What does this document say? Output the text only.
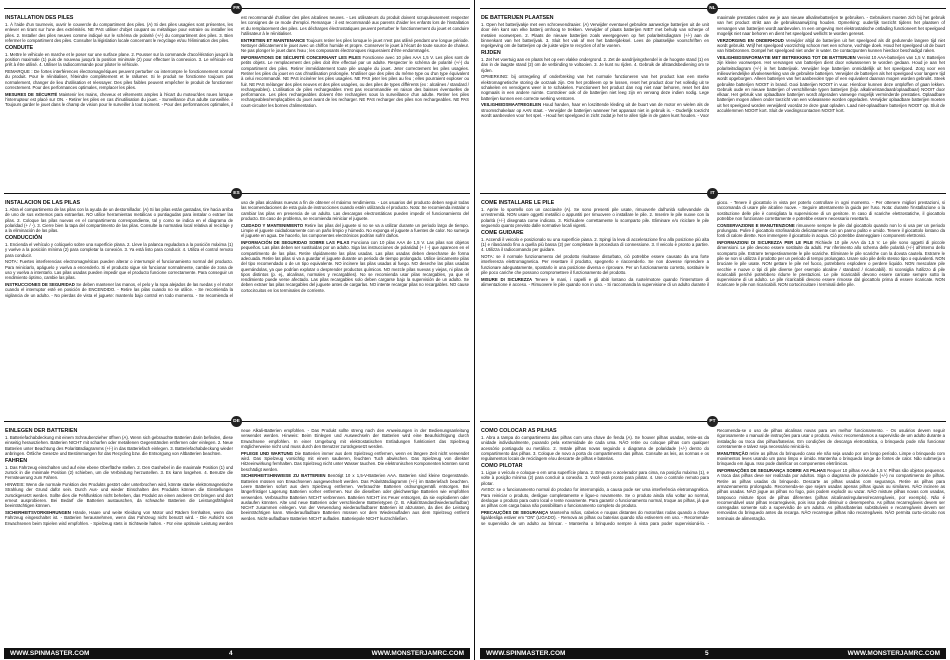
FR	NL
ES	IT
DE	PT
INSTALLATION DES PILES

1. À l'aide d'un tournevis, ouvrir le couvercle du compartiment des piles. (A) Si des piles usagées sont présentes, les enlever en tirant sur l'une des extrémités. NE PAS utiliser d'objet coupant ou métallique pour extraire ou installer les piles. 2. Installer des piles neuves comme indiqué sur le schéma de polarité (+/-) du compartiment des piles. 3. Bien refermer le compartiment des piles. Consulter la législation locale concernant le recyclage et/ou l'élimination des piles.

CONDUITE

1. Mettre le véhicule en marche et le poser sur une surface plane. 2. Pousser sur la commande d'accélération jusqu'à la position maximale (1) puis de nouveau jusqu'à la position minimale (2) pour effectuer la connexion. 3. Le véhicule est prêt à être utilisé. 4. Utiliser la radiocommande pour piloter le véhicule.

REMARQUE : De fortes interférences électromagnétiques peuvent perturber ou interrompre le fonctionnement normal du produit. Pour le réinitialiser, l'éteindre complètement et le rallumer. Si le produit ne fonctionne toujours pas normalement, changer de lieu d'utilisation et réessayer. Des piles faibles peuvent empêcher le produit de fonctionner correctement. Pour des performances optimales, remplacer les piles.

MESURES DE SÉCURITÉ Maintenir les mains, cheveux et vêtements amples à l'écart du moteur/des roues lorsque l'interrupteur est placé sur ON. - Retirer les piles en cas d'inutilisation du jouet. - Surveillance d'un adulte conseillée. - Toujours garder le jouet dans le champ de vision pour le surveiller à tout moment. - Pour des performances optimales, il est recommandé d'utiliser des piles alcalines neuves. - Les utilisateurs du produit doivent scrupuleusement respecter les consignes de ce mode d'emploi. Remarque : il est recommandé aux parents d'aider les enfants lors de l'installation et du remplacement des piles. Les décharges électrostatiques peuvent perturber le fonctionnement du jouet et conduire l'utilisateur à le réinitialiser.

ENTRETIEN ET MAINTENANCE Toujours retirer les piles lorsque le jouet n'est pas utilisé pendant une longue période. Nettoyer délicatement le jouet avec un chiffon humide et propre. Conserver le jouet à l'écart de toute source de chaleur. Ne pas plonger le jouet dans l'eau ; les composants électroniques risqueraient d'être endommagés.

INFORMATIONS DE SÉCURITÉ CONCERNANT LES PILES Fonctionne avec 10 piles AAA 1,5 V. Les piles sont de petits objets. Le remplacement des piles doit être effectué par un adulte. Respecter le schéma de polarité (+/-) du compartiment des piles. Retirer immédiatement toute pile usagée du jouet. Jeter correctement les piles usagées. Retirer les piles du jouet en cas d'inutilisation prolongée. N'utiliser que des piles du même type ou d'un type équivalent à celui recommandé. NE PAS incinérer les piles usagées. NE PAS jeter les piles au feu ; elles pourraient exploser ou fuir. NE PAS mélanger des piles neuves et des piles usagées, ou des piles de types différents (ex : alcalines / standard / rechargeables). L'utilisation de piles rechargeables n'est pas recommandée en raison des baisses éventuelles de performance. Les piles rechargeables doivent être rechargées sous la surveillance d'un adulte. Retirer les piles rechargeables/remplaçables du jouet avant de les recharger. NE PAS recharger des piles non rechargeables. NE PAS court-circuiter les bornes d'alimentation.

DE BATTERIJEN PLAATSEN

1. Open het batterijvakje met een schroevendraaier. (A) Verwijder eventueel gebruikte aanwezige batterijen uit de unit door één kant van elke batterij omhoog te trekken. Verwijder of plaats batterijen NIET met behulp van scherpe of metalen voorwerpen. 2. Plaats de nieuwe batterijen zoals weergegeven op het polariteitsdiagram (+/-) aan de binnenkant van het batterijvak. 3. Sluit het vak af met het batterijdeksel. Lees de plaatselijke voorschriften en regelgeving om de batterijen op de juiste wijze te recyclen of af te voeren.

RIJDEN

1. Zet het voertuig aan en plaats het op een vlakke ondergrond. 2. Zet de aandrijvingshendel in de hoogste stand (1) en dan in de laagste stand (2) om de verbinding te voltooien. 3. Je kunt nu rijden. 4. Gebruik de afstandsbediening om te rijden.

OPMERKING: bij ontregeling of onderbreking van het normale functioneren van het product kan een sterke elektromagnetische storing de oorzaak zijn. Om het probleem op te lossen, reset het product door het volledig uit te schakelen en vervolgens weer in te schakelen. Functioneert het product dan nog niet naar behoren, reset het dan nogmaals in een andere ruimte. Controleer ook of de batterijen niet leeg zijn en vervang deze indien nodig. Lege batterijen kunnen een correcte werking verstoren.

VEILIGHEIDSMAATREGELEN Houd handen, haar en loszittende kleding uit de buurt van de motor en wielen als de stroomschakelaar op AAN staat. - Verwijder de batterijen wanneer het apparaat niet in gebruik is. - Ouderlijk toezicht wordt aanbevolen voor het spel. - Houd het speelgoed in zicht zodat je het te allen tijde in de gaten kunt houden. - Voor maximale prestaties raden we je aan nieuwe alkalinebatterijen te gebruiken. - Gebruikers moeten zich bij het gebruik van het product strikt aan de gebruiksaanwijzing houden. Opmerking: ouderlijk toezicht tijdens het plaatsen of vervangen van batterijen wordt aanbevolen. In een omgeving met elektrostatische ontlading functioneert het speelgoed mogelijk niet naar behoren en dient het speelgoed wellicht te worden gereset.

VERZORGING EN ONDERHOUD Verwijder altijd de batterijen uit het speelgoed als dit gedurende langere tijd niet wordt gebruikt. Wrijf het speelgoed voorzichtig schoon met een schone, vochtige doek. Houd het speelgoed uit de buurt van hittebronnen. Dompel het speelgoed niet onder in water. De contactpunten kunnen hierdoor beschadigd raken.

VEILIGHEIDSINFORMATIE MET BETREKKING TOT DE BATTERIJEN Vereist 10 AAA-batterijen van 1,5 V. Batterijen zijn kleine voorwerpen. Het vervangen van batterijen dient door volwassenen te worden gedaan. Houd je aan het polariteitsdiagram (+/-) in het batterijvak. Verwijder lege batterijen onmiddellijk uit het speelgoed. Zorg voor een milieuvriendelijke afvalverwerking van de gebruikte batterijen. Verwijder de batterijen als het speelgoed voor langere tijd wordt opgeborgen. Alleen batterijen van het aanbevolen type of een equivalent daarvan mogen worden gebruikt. Steek gebruikte batterijen NOOIT in brand. Gooi batterijen NOOIT in vuur. Hierdoor kunnen deze ontploffen of gaan lekken. Gebruik oude en nieuwe batterijen of verschillende typen batterijen (bijv. alkaline/standaard/oplaadbaar) NOOIT door elkaar. Het gebruik van oplaadbare batterijen wordt afgeraden vanwege mogelijk verminderde prestaties. Oplaadbare batterijen mogen alleen onder toezicht van een volwassene worden opgeladen. Verwijder oplaadbare batterijen moeten uit het speelgoed worden verwijderd voordat ze deze gaat opladen. Laad niet-oplaadbare batterijen NOOIT op. Sluit de accuklemmen NOOIT kort. Sluit de voedingscontacten NOOIT kort.

INSTALACIÓN DE LAS PILAS

1. Abra el compartimento de las pilas con la ayuda de un destornillador. (A) Si las pilas están gastadas, tire hacia arriba de uno de sus extremos para extraerlas. NO utilice herramientas metálicas o puntiagudas para instalar o extraer las pilas. 2. Coloque las pilas nuevas en el compartimento correspondiente, tal y como se indica en el diagrama de polaridad (+ / -). 3. Cierre bien la tapa del compartimento de las pilas. Consulte la normativa local relativa al reciclaje y a la eliminación de las pilas.

CONDUCCIÓN

1. Encienda el vehículo y colóquelo sobre una superficie plana. 2. Lleve la palanca reguladora a la posición máxima (1) y vuelve a la posición mínima (2) para completar la conexión. 3. Ya está listo para conducir. 4. Utiliza el control remoto para conducir.

NOTA: Fuertes interferencias electromagnéticas pueden alterar o interrumpir el funcionamiento normal del producto. Para reiniciarlo, apáguelo y vuelva a encenderlo. Si el producto sigue sin funcionar normalmente, cambie de zona de uso y vuelva a intentarlo. Las pilas usadas pueden impedir que el producto funcione correctamente. Para conseguir un rendimiento óptimo, cambie las pilas.

INSTRUCCIONES DE SEGURIDAD Se deben mantener las manos, el pelo y la ropa alejados de las ruedas y el motor cuando el interruptor esté en posición de ENCENDIDO. - Retire las pilas cuando no se utilice. - Se recomienda la vigilancia de un adulto. - No pierdas de vista el juguete: mantenlo bajo control en todo momento. - Se recomienda el uso de pilas alcalinas nuevas a fin de obtener el máximo rendimiento. - Los usuarios del producto deben seguir todas las recomendaciones de esta guía de instrucciones cuando estén utilizando el producto. Nota: Se recomienda instalar o cambiar las pilas en presencia de un adulto. Las descargas electrostáticas pueden impedir el funcionamiento del producto. En caso de problema, se recomienda reiniciar el juguete.

CUIDADO Y MANTENIMIENTO Retire las pilas del juguete si no se va a utilizar durante un periodo largo de tiempo. Limpie el juguete cuidadosamente con un paño limpio y húmedo. No exponga el juguete a fuentes de calor. No sumerja el juguete en agua. De hacerlo, los componentes electrónicos podrían sufrir daños.

INFORMACIÓN DE SEGURIDAD SOBRE LAS PILAS Funciona con 10 pilas AAA de 1,5 V. Las pilas son objetos pequeños. Las pilas deben ser sustituidas por un adulto. Siga las instrucciones de polaridad (+ / -) que aparecen en el compartimento de las pilas. Retire rápidamente las pilas usadas. Las pilas usadas deben desecharse de forma adecuada. Retire las pilas si va a guardar el juguete durante un periodo de tiempo prolongado. Utilice únicamente pilas del tipo recomendado o de un tipo equivalente. NO incinere las pilas usadas al fuego. NO deseche las pilas usadas quemándolas, ya que podrían explotar o desprender productos químicos. NO mezcle pilas nuevas y viejas, ni pilas de tipos distintos (p. ej., alcalinas, normales y recargables). No se recomienda usar pilas recargables, ya que el rendimiento puede verse afectado. Las pilas recargables solo deben cargarse bajo la supervisión de un adulto. Se deben extraer las pilas recargables del juguete antes de cargarlas. NO intente recargar pilas no recargables. NO cause cortocircuitos en los terminales de corriente.

COME INSTALLARE LE PILE

1. Aprire lo sportello con un cacciavite (A). Se sono presenti pile usate, rimuoverle dall'unità sollevandole da un'estremità. NON usare oggetti metallici o appuntiti per rimuovere o installare le pile. 2. Inserire le pile nuove con la polarità (+/-) disegnata come indicato. 3. Richiudere correttamente lo scomparto pile. Eliminare e/o riciclare le pile seguendo quanto previsto dalle normative locali vigenti.

COME GUIDARE

1. Accendi il veicolo e posizionalo su una superficie piana. 2. Spingi la leva di accelerazione fino alla posizione più alta (1) e rilasciando fino a quella più bassa (2) per completare la procedura di connessione. 3. Il veicolo è pronto a partire. 4. Utilizza il radiocomando per guidare.

NOTA: se il normale funzionamento del prodotto risultasse disturbato, ciò potrebbe essere causato da una forte interferenza elettromagnetica. Per resettare il prodotto, spegnerlo e riaccenderlo. Se non dovesse riprendere a funzionare adeguatamente, spostarlo in una posizione diversa e riprovare. Per un funzionamento corretto, sostituire le pile poco cariche che possono compromettere il funzionamento del prodotto.

MISURE DI SICUREZZA Tenere le mani, i capelli e gli abiti lontano da ruote/motore quando l'interruttore di alimentazione è acceso. - Rimuovere le pile quando non in uso. - Si raccomanda la supervisione di un adulto durante il gioco. - Tenere il giocattolo in vista per poterlo controllare in ogni momento. - Per ottenere migliori prestazioni, si raccomanda di usare pile alcaline nuove. - Seguire attentamente la guida per l'uso. Nota: durante l'installazione o la sostituzione delle pile è consigliata la supervisione di un genitore. In caso di scariche elettrostatiche, il giocattolo potrebbe non funzionare correttamente e potrebbe essere necessario resettarlo.

CONSERVAZIONE E MANUTENZIONE rimuovere sempre le pile dal giocattolo quando non lo si usa per un periodo prolungato. Pulire il giocattolo strofinandolo delicatamente con un panno pulito e umido. Tenere il giocattolo lontano da fonti di calore dirette. Non immergere il giocattolo in acqua. Ciò potrebbe danneggiare i componenti elettronici.

INFORMAZIONI DI SICUREZZA PER LE PILE Richiede 10 pile AAA da 1,5 V. Le pile sono oggetti di piccole dimensioni. Le pile devono essere sostituite da adulti. Far riferimento allo schema delle polarità (+/-) all'interno dello scomparto pile. Estrarre tempestivamente le pile scariche. Eliminare le pile scariche con la dovuta cautela. Estrarre le pile se non si utilizza il prodotto per un periodo di tempo prolungato. Usare solo pile dello stesso tipo o equivalenti. NON bruciare le pile usate. NON gettare le pile nel fuoco, potrebbero esplodere o perdere liquido. NON mescolare pile vecchie e nuove o tipi di pile diverse (per esempio alcaline / standard / ricaricabili). Si sconsiglia l'utilizzo di pile ricaricabili perché potrebbero ridurre le prestazioni. Le pile ricaricabili devono essere caricate sempre sotto la supervisione di un adulto. Le pile ricaricabili devono essere rimosse dal giocattolo prima di essere ricaricate. NON ricaricare le pile non ricaricabili. NON cortocircuitare i terminali delle pile.

EINLEGEN DER BATTERIEN

1. Batteriefachabdeckung mit einem Schraubenzieher öffnen (A). Wenn sich gebrauchte Batterien darin befinden, diese einseitig herausziehen. Batterien NICHT mit scharfen oder metallenen Gegenständen entfernen oder einlegen. 2. Neue Batterien unter Beachtung des Polaritätsdiagramms (+/-) in das Batteriefach einlegen. 3. Batteriefachabdeckung wieder anbringen. Örtliche Gesetze und Bestimmungen für das Recycling bzw. die Entsorgung von Altbatterien beachten.

FAHREN

1. Das Fahrzeug einschalten und auf eine ebene Oberfläche stellen. 2. Den Gashebel in die maximale Position (1) und zurück in die minimale Position (2) schieben, um die Verbindung herzustellen. 3. Es kann losgehen. 4. Benutze die Fernsteuerung zum Fahren.

HINWEIS: Wenn die normale Funktion des Produkts gestört oder unterbrochen wird, könnte starke elektromagnetische Strahlung der Grund dafür sein. Durch Aus- und wieder Einschalten des Produkts können die Einstellungen zurückgesetzt werden. Sollte dies die Fehlfunktion nicht beheben, das Produkt an einen anderen Ort bringen und dort erneut ausprobieren. Bei Bedarf die Batterien austauschen, da schwache Batterien die Leistungsfähigkeit beeinträchtigen können.

SICHERHEITSVORKEHRUNGEN Hände, Haare und weite Kleidung von Motor und Rädern fernhalten, wenn das Fahrzeug eingeschaltet ist. - Batterien herausnehmen, wenn das Fahrzeug nicht benutzt wird. - Die Aufsicht von Erwachsenen beim Spielen wird empfohlen. - Spielzeug stets in Sichtweite halten. - Für eine optimale Leistung werden neue Alkali-Batterien empfohlen. - Das Produkt sollte streng nach den Anweisungen in der Bedienungsanleitung verwendet werden. Hinweis: Beim Einlegen und Auswechseln der Batterien wird eine Beaufsichtigung durch Erwachsene empfohlen. In einer Umgebung mit elektrostatischen Entladungen funktioniert das Spielzeug möglicherweise nicht und muss durch den Benutzer zurückgesetzt werden.

PFLEGE UND WARTUNG Die Batterien immer aus dem Spielzeug entfernen, wenn es längere Zeit nicht verwendet wird. Das Spielzeug vorsichtig mit einem sauberen, feuchten Tuch abwischen. Das Spielzeug von direkter Hitzeeinwirkung fernhalten. Das Spielzeug nicht unter Wasser tauchen. Die elektronischen Komponenten könnten sonst beschädigt werden.

SICHERHEITSHINWEISE ZU BATTERIEN Benötigt 10 x 1,5-V-Batterien AAA. Batterien sind kleine Gegenstände. Batterien müssen von Erwachsenen ausgewechselt werden. Das Polaritätsdiagramm (+/-) im Batteriefach beachten. Leere Batterien sofort aus dem Spielzeug entfernen. Verbrauchte Batterien ordnungsgemäß entsorgen. Bei längerfristiger Lagerung Batterien vorher entfernen. Nur die dieselben oder gleichwertige Batterien wie empfohlen verwenden. Verbrauchte Batterien NICHT verbrennen. Batterien NICHT ins Feuer entsorgen, da sie explodieren oder auslaufen könnten. Alte und neue Batterien oder verschiedene Batterietypen (z. B. Alkali/Standard/wiederaufladbar) NICHT zusammen einlegen. Von der Verwendung wiederaufladbarer Batterien ist abzuraten, da dies die Leistung beeinträchtigen kann. Wiederaufladbare Batterien müssen vor dem Wiederaufladen aus dem Spielzeug entfernt werden. Nicht-aufladbare Batterien NICHT aufladen. Batteriepole NICHT kurzschließen.

COMO COLOCAR AS PILHAS

1. Abra a tampa do compartimento das pilhas com uma chave de fenda (A). Se houver pilhas usadas, retire-as da unidade individualmente, puxando pela extremidade de cada uma. NÃO retire ou coloque pilhas com qualquer acessório pontiagudo ou metálico. 2. Instale pilhas novas seguindo o diagrama de polaridade (+/-) dentro do compartimento das pilhas. 3. Coloque de novo a porta do compartimento das pilhas. Consulte as leis, as normas e os regulamentos locais de reciclagem e/ou descarte de pilhas e baterias.

COMO PILOTAR

1. Ligue o veículo e coloque-o em uma superfície plana. 2. Empurre o acelerador para cima, na posição máxima (1), e volte à posição mínima (2) para concluir a conexão. 3. Você está pronto para pilotar. 4. Use o controle remoto para pilotar.

AVISO: se o funcionamento normal do produto for interrompido, a causa pode ser uma interferência eletromagnética. Para reiniciar o produto, desligue completamente e ligue-o novamente. Se o produto ainda não voltar ao normal, desloque o produto para outro local e tente novamente. Para garantir o funcionamento normal, troque as pilhas, já que as pilhas com carga baixa não possibilitam o funcionamento completo do produto.

PRECAUÇÕES DE SEGURANÇA Mantenha mãos, cabelos e roupas distantes do motor/das rodas quando a chave liga/desliga estiver em "ON" (LIGADO). - Remova as pilhas ou baterias quando não estiverem em uso. - Recomenda-se supervisão de um adulto ao brincar. - Mantenha o brinquedo sempre à vista para poder supervisioná-lo. - Recomenda-se o uso de pilhas alcalinas novas para um melhor funcionamento. - Os usuários devem seguir rigorosamente o manual de instruções para usar o produto. Aviso: recomendamos a supervisão de um adulto durante a instalação ou troca das pilhas/baterias. Em condições de descarga eletrostática, o brinquedo pode não funcionar corretamente e talvez seja necessário reiniciá-lo.

MANUTENÇÃO retire as pilhas do brinquedo caso ele não seja usado por um longo período. Limpe o brinquedo com movimentos leves usando um pano limpo e úmido. Mantenha o brinquedo longe de fontes de calor. Não submerja o brinquedo em água. Isso pode danificar os componentes eletrônicos.

INFORMAÇÕES DE SEGURANÇA SOBRE AS PILHAS Requer 10 pilhas AAA de 1,5 V. Pilhas são objetos pequenos. A troca das pilhas deve ser realizada por adultos. Siga o diagrama de polaridade (+/-) no compartimento de pilhas. Retire as pilhas usadas do brinquedo. Descarte as pilhas usadas com segurança. Retire as pilhas para armazenamento prolongado. Recomenda-se que sejam usadas apenas pilhas iguais ou similares. NÃO incinere as pilhas usadas. NÃO jogue as pilhas no fogo, pois podem explodir ou vazar. NÃO misture pilhas novas com usadas, tampouco misture tipos de pilhas diferentes (pilhas alcalinas/regulares/recarregáveis, por exemplo). Não é recomendável usar pilhas recarregáveis, pois isso pode diminuir o desempenho. As pilhas recarregáveis devem ser carregadas somente sob a supervisão de um adulto. As pilhas/baterias substituíveis e recarregáveis devem ser removidas do brinquedo antes da recarga. NÃO recarregue pilhas não recarregáveis. NÃO permita curto-circuito nos terminais de alimentação.

WWW.SPINMASTER.COM	4	WWW.MONSTERJAMRC.COM	WWW.SPINMASTER.COM	5	WWW.MONSTERJAMRC.COM
